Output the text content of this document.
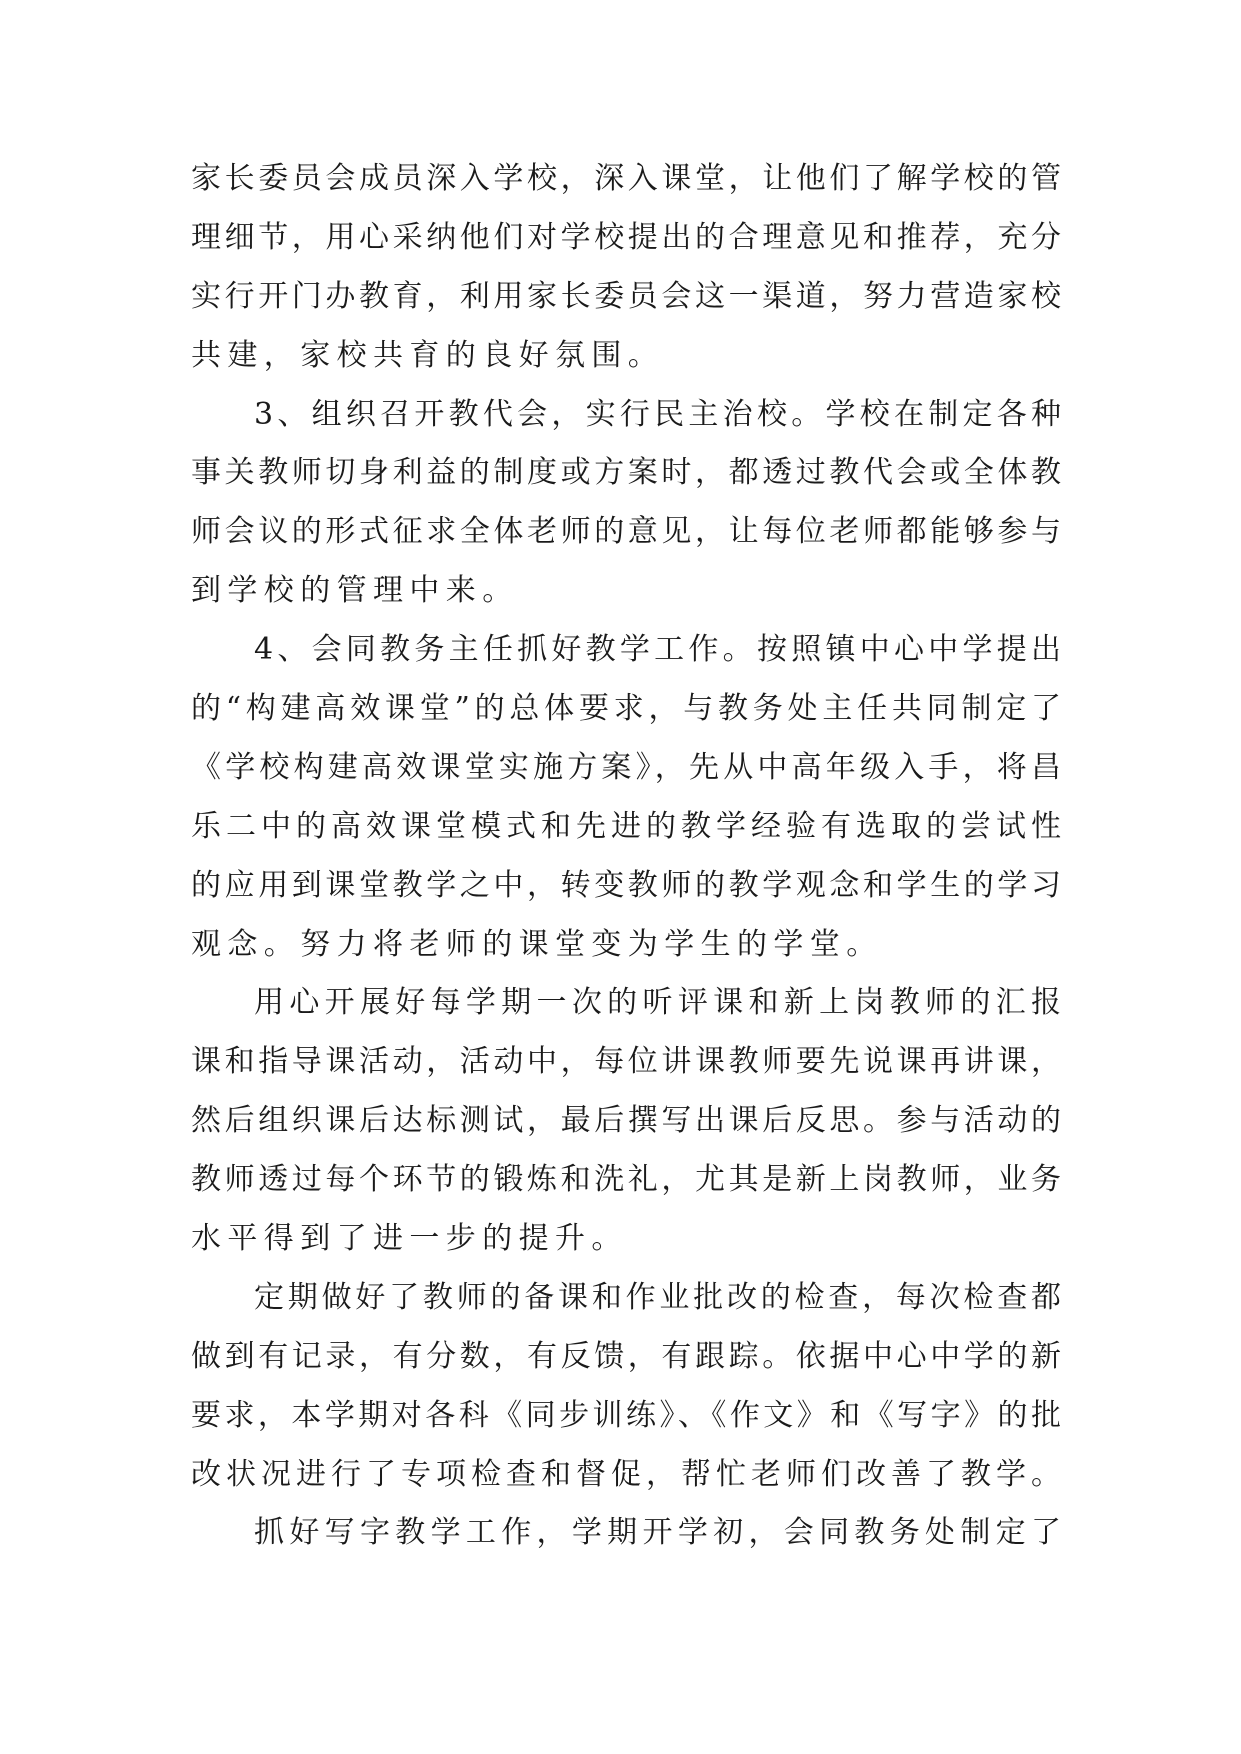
家长委员会成员深入学校，深入课堂，让他们了解学校的管
理细节，用心采纳他们对学校提出的合理意见和推荐，充分
实行开门办教育，利用家长委员会这一渠道，努力营造家校
共建，家校共育的良好氛围。
3、组织召开教代会，实行民主治校。学校在制定各种
事关教师切身利益的制度或方案时，都透过教代会或全体教
师会议的形式征求全体老师的意见，让每位老师都能够参与
到学校的管理中来。
4、会同教务主任抓好教学工作。按照镇中心中学提出
的“构建高效课堂”的总体要求，与教务处主任共同制定了
《学校构建高效课堂实施方案》，先从中高年级入手，将昌
乐二中的高效课堂模式和先进的教学经验有选取的尝试性
的应用到课堂教学之中，转变教师的教学观念和学生的学习
观念。努力将老师的课堂变为学生的学堂。
用心开展好每学期一次的听评课和新上岗教师的汇报
课和指导课活动，活动中，每位讲课教师要先说课再讲课，
然后组织课后达标测试，最后撰写出课后反思。参与活动的
教师透过每个环节的锻炼和洗礼，尤其是新上岗教师，业务
水平得到了进一步的提升。
定期做好了教师的备课和作业批改的检查，每次检查都
做到有记录，有分数，有反馈，有跟踪。依据中心中学的新
要求，本学期对各科《同步训练》、《作文》和《写字》的批
改状况进行了专项检查和督促，帮忙老师们改善了教学。
抓好写字教学工作，学期开学初，会同教务处制定了
